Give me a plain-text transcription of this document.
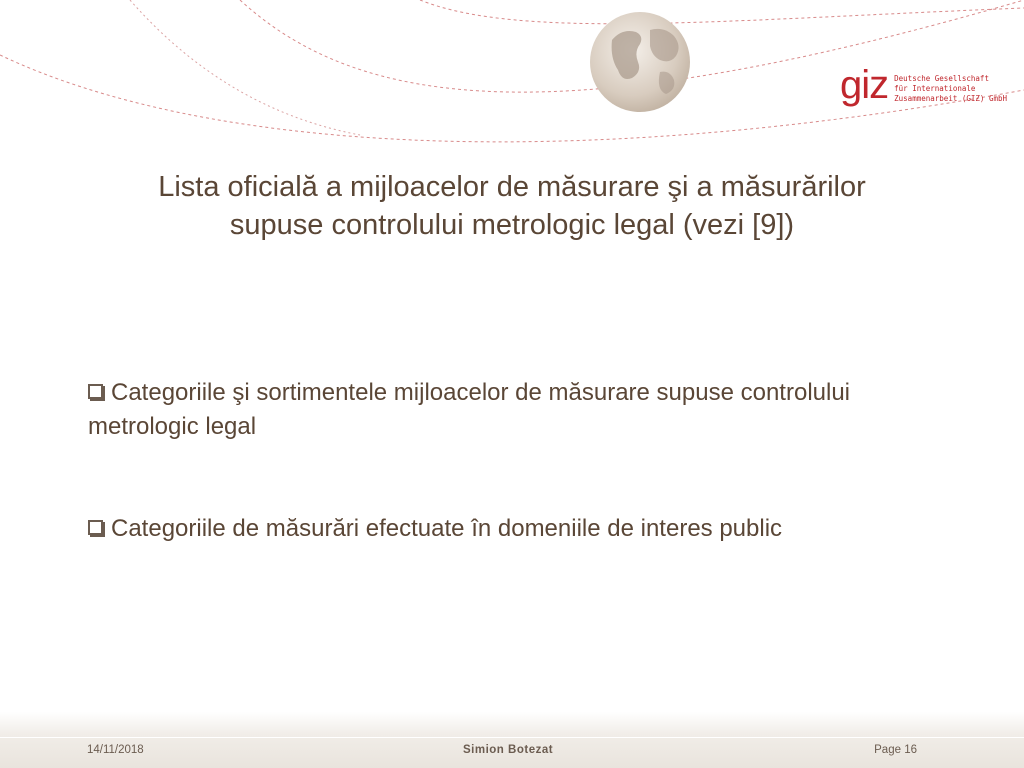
giz Deutsche Gesellschaft
für Internationale
Zusammenarbeit (GIZ) GmbH
Lista oficială a mijloacelor de măsurare şi a măsurărilor
supuse controlului metrologic legal (vezi [9])
Categoriile şi sortimentele mijloacelor de măsurare supuse controlului metrologic legal
Categoriile de măsurări efectuate în domeniile de interes public
14/11/2018	Simion Botezat	Page 16
